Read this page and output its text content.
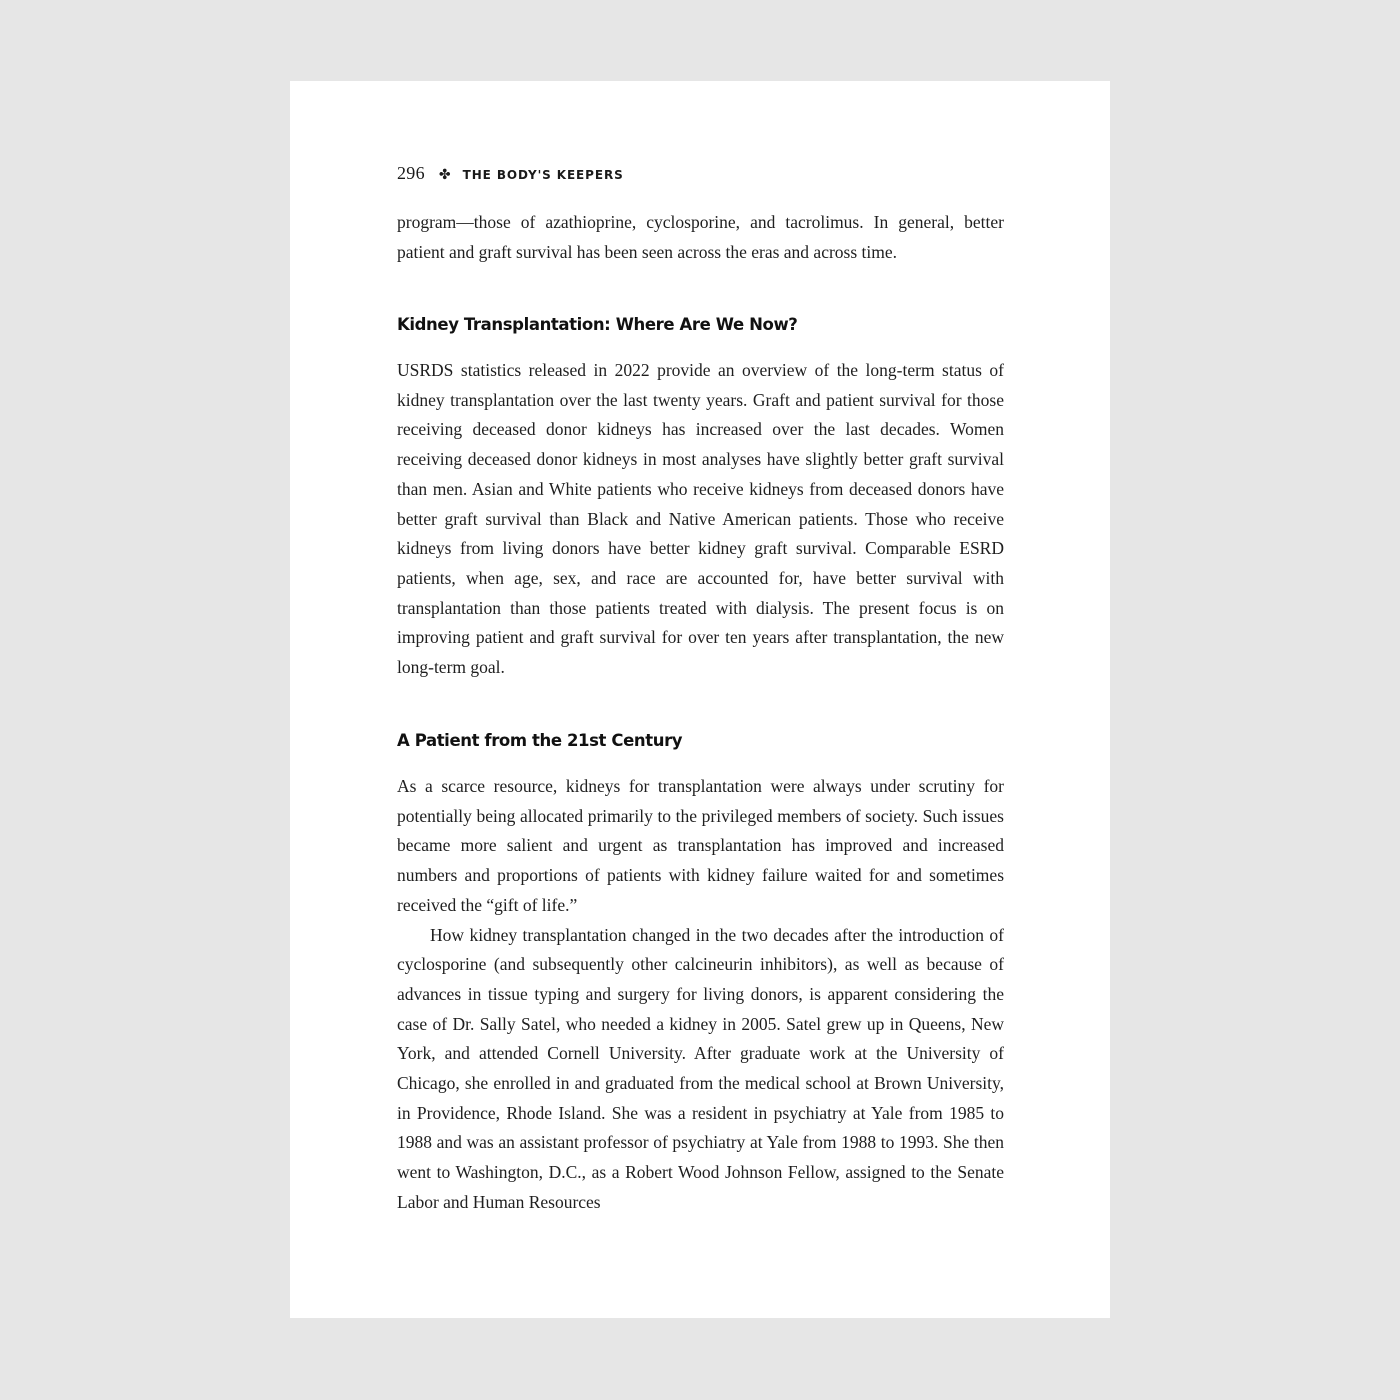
296 ✤ THE BODY'S KEEPERS

program—those of azathioprine, cyclosporine, and tacrolimus. In general, better patient and graft survival has been seen across the eras and across time.

Kidney Transplantation: Where Are We Now?

USRDS statistics released in 2022 provide an overview of the long-term status of kidney transplantation over the last twenty years. Graft and patient survival for those receiving deceased donor kidneys has increased over the last decades. Women receiving deceased donor kidneys in most analyses have slightly better graft survival than men. Asian and White patients who receive kidneys from deceased donors have better graft survival than Black and Native American patients. Those who receive kidneys from living donors have better kidney graft survival. Comparable ESRD patients, when age, sex, and race are accounted for, have better survival with transplantation than those patients treated with dialysis. The present focus is on improving patient and graft survival for over ten years after transplantation, the new long-term goal.

A Patient from the 21st Century

As a scarce resource, kidneys for transplantation were always under scrutiny for potentially being allocated primarily to the privileged members of society. Such issues became more salient and urgent as transplantation has improved and increased numbers and proportions of patients with kidney failure waited for and sometimes received the “gift of life.”

How kidney transplantation changed in the two decades after the introduction of cyclosporine (and subsequently other calcineurin inhibitors), as well as because of advances in tissue typing and surgery for living donors, is apparent considering the case of Dr. Sally Satel, who needed a kidney in 2005. Satel grew up in Queens, New York, and attended Cornell University. After graduate work at the University of Chicago, she enrolled in and graduated from the medical school at Brown University, in Providence, Rhode Island. She was a resident in psychiatry at Yale from 1985 to 1988 and was an assistant professor of psychiatry at Yale from 1988 to 1993. She then went to Washington, D.C., as a Robert Wood Johnson Fellow, assigned to the Senate Labor and Human Resources
